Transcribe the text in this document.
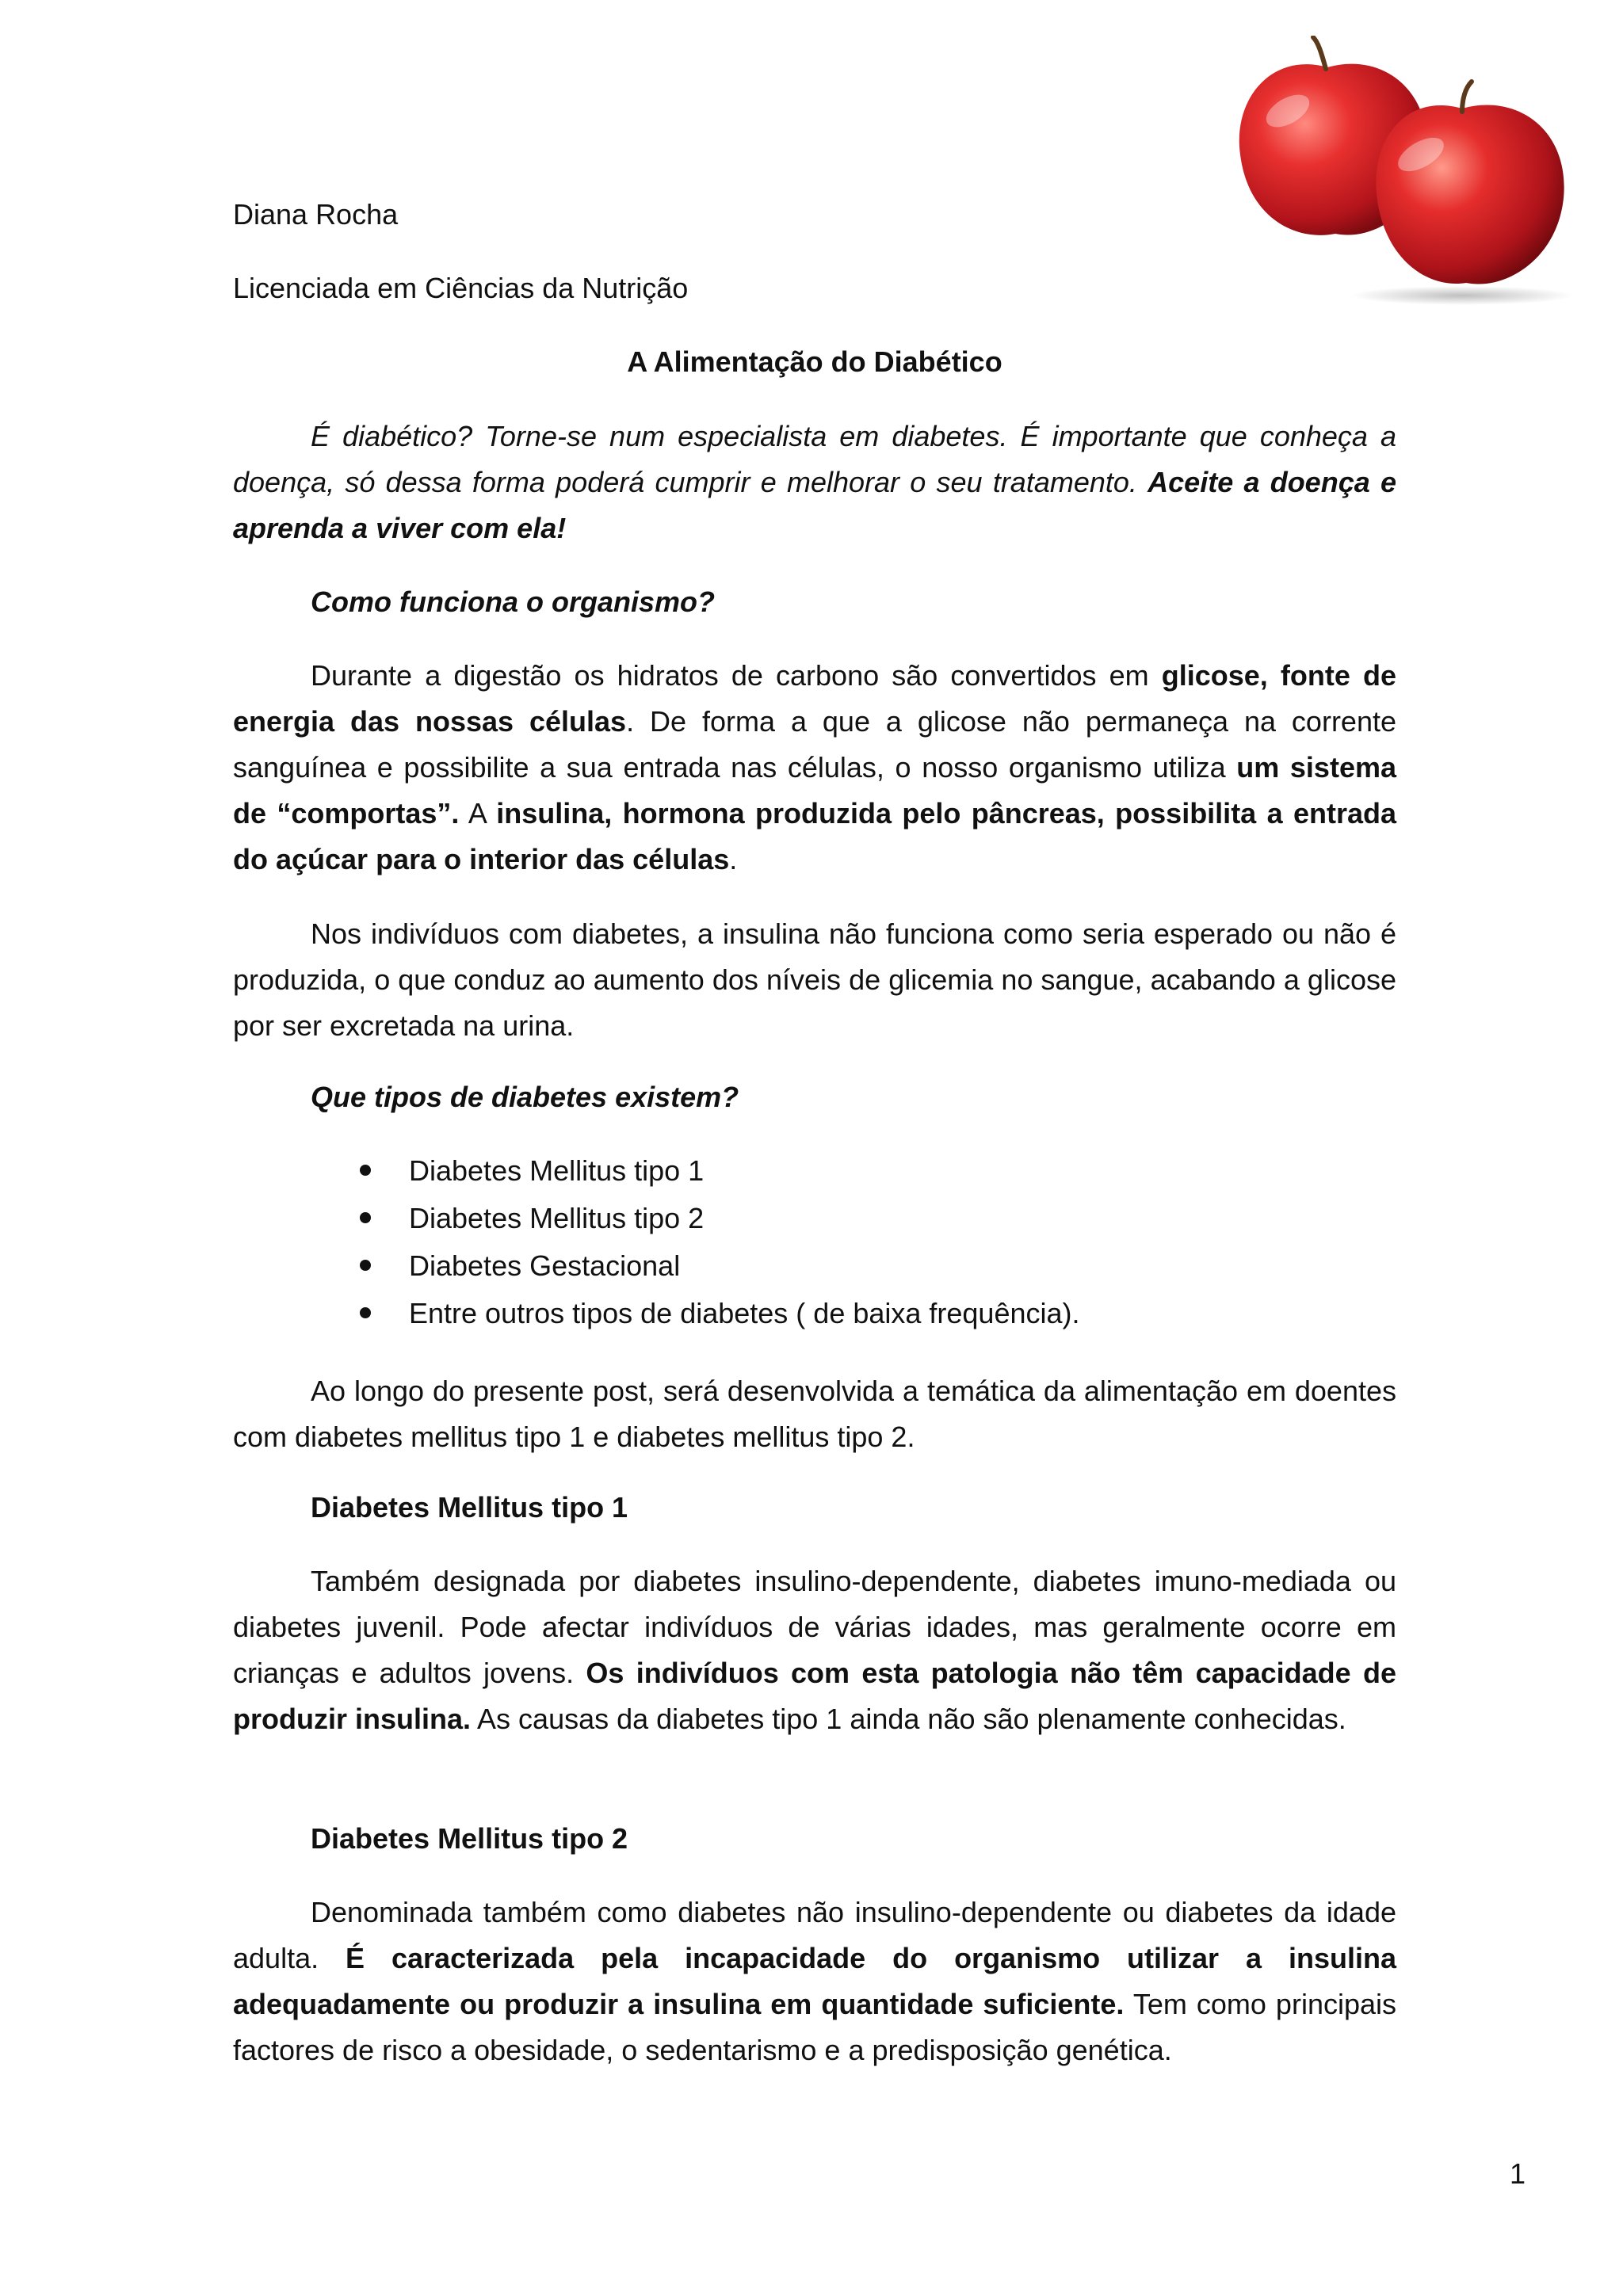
Diana Rocha
Licenciada em Ciências da Nutrição
A Alimentação do Diabético
É diabético? Torne-se num especialista em diabetes. É importante que conheça a doença, só dessa forma poderá cumprir e melhorar o seu tratamento. Aceite a doença e aprenda a viver com ela!
Como funciona o organismo?
Durante a digestão os hidratos de carbono são convertidos em glicose, fonte de energia das nossas células. De forma a que a glicose não permaneça na corrente sanguínea e possibilite a sua entrada nas células, o nosso organismo utiliza um sistema de “comportas”. A insulina, hormona produzida pelo pâncreas, possibilita a entrada do açúcar para o interior das células.
Nos indivíduos com diabetes, a insulina não funciona como seria esperado ou não é produzida, o que conduz ao aumento dos níveis de glicemia no sangue, acabando a glicose por ser excretada na urina.
Que tipos de diabetes existem?
Diabetes Mellitus tipo 1
Diabetes Mellitus tipo 2
Diabetes Gestacional
Entre outros tipos de diabetes ( de baixa frequência).
Ao longo do presente post, será desenvolvida a temática da alimentação em doentes com diabetes mellitus tipo 1 e diabetes mellitus tipo 2.
Diabetes Mellitus tipo 1
Também designada por diabetes insulino-dependente, diabetes imuno-mediada ou diabetes juvenil. Pode afectar indivíduos de várias idades, mas geralmente ocorre em crianças e adultos jovens. Os indivíduos com esta patologia não têm capacidade de produzir insulina. As causas da diabetes tipo 1 ainda não são plenamente conhecidas.
Diabetes Mellitus tipo 2
Denominada também como diabetes não insulino-dependente ou diabetes da idade adulta. É caracterizada pela incapacidade do organismo utilizar a insulina adequadamente ou produzir a insulina em quantidade suficiente. Tem como principais factores de risco a obesidade, o sedentarismo e a predisposição genética.
1
